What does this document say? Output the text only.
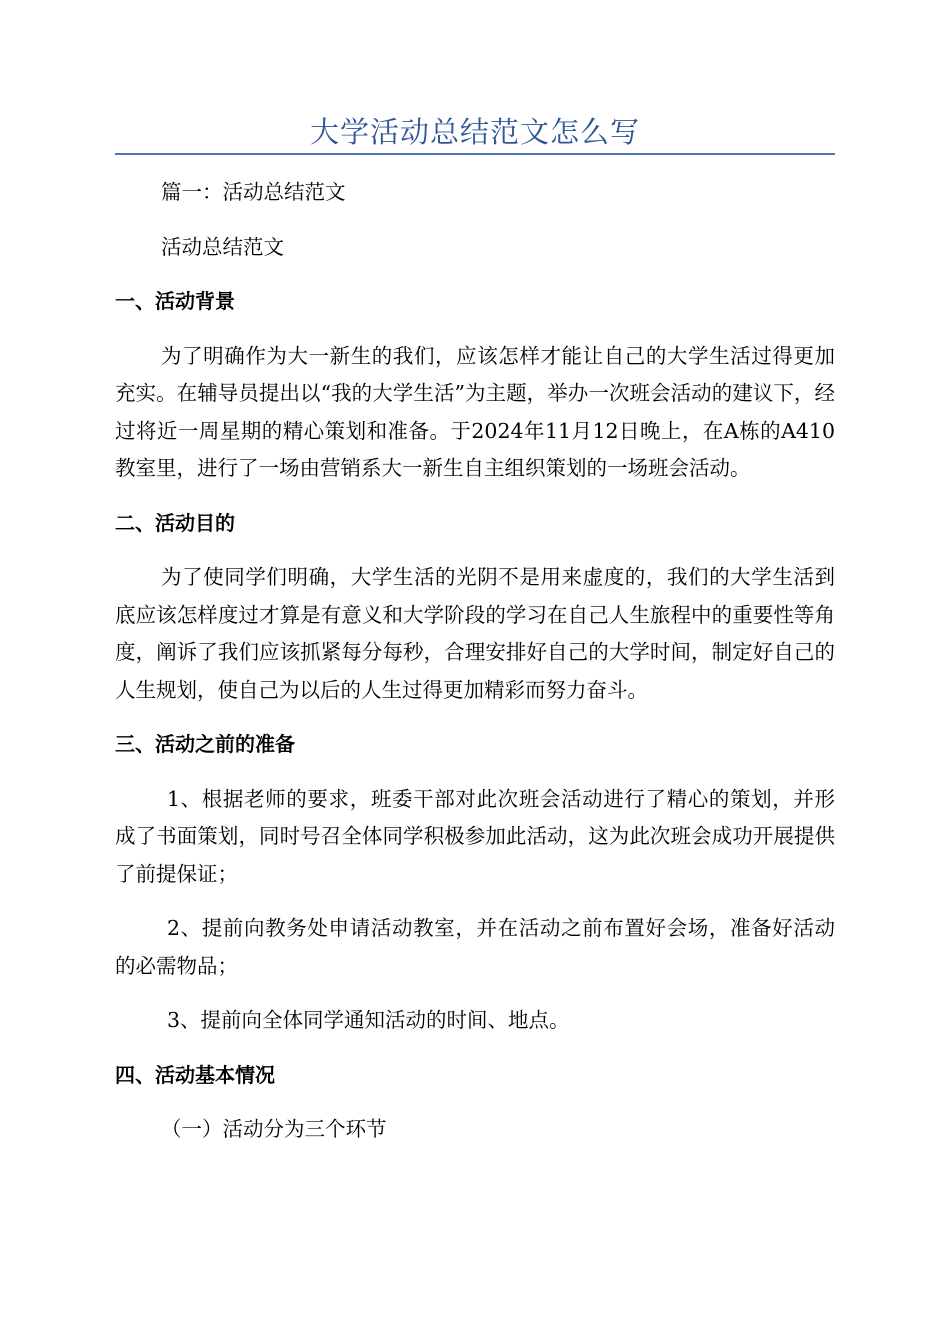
大学活动总结范文怎么写

篇一：活动总结范文

活动总结范文

一、活动背景

为了明确作为大一新生的我们，应该怎样才能让自己的大学生活过得更加充实。在辅导员提出以“我的大学生活”为主题，举办一次班会活动的建议下，经过将近一周星期的精心策划和准备。于2024年11月12日晚上，在A栋的A410教室里，进行了一场由营销系大一新生自主组织策划的一场班会活动。

二、活动目的

为了使同学们明确，大学生活的光阴不是用来虚度的，我们的大学生活到底应该怎样度过才算是有意义和大学阶段的学习在自己人生旅程中的重要性等角度，阐诉了我们应该抓紧每分每秒，合理安排好自己的大学时间，制定好自己的人生规划，使自己为以后的人生过得更加精彩而努力奋斗。

三、活动之前的准备

1、根据老师的要求，班委干部对此次班会活动进行了精心的策划，并形成了书面策划，同时号召全体同学积极参加此活动，这为此次班会成功开展提供了前提保证；

2、提前向教务处申请活动教室，并在活动之前布置好会场，准备好活动的必需物品；

3、提前向全体同学通知活动的时间、地点。

四、活动基本情况

（一）活动分为三个环节
